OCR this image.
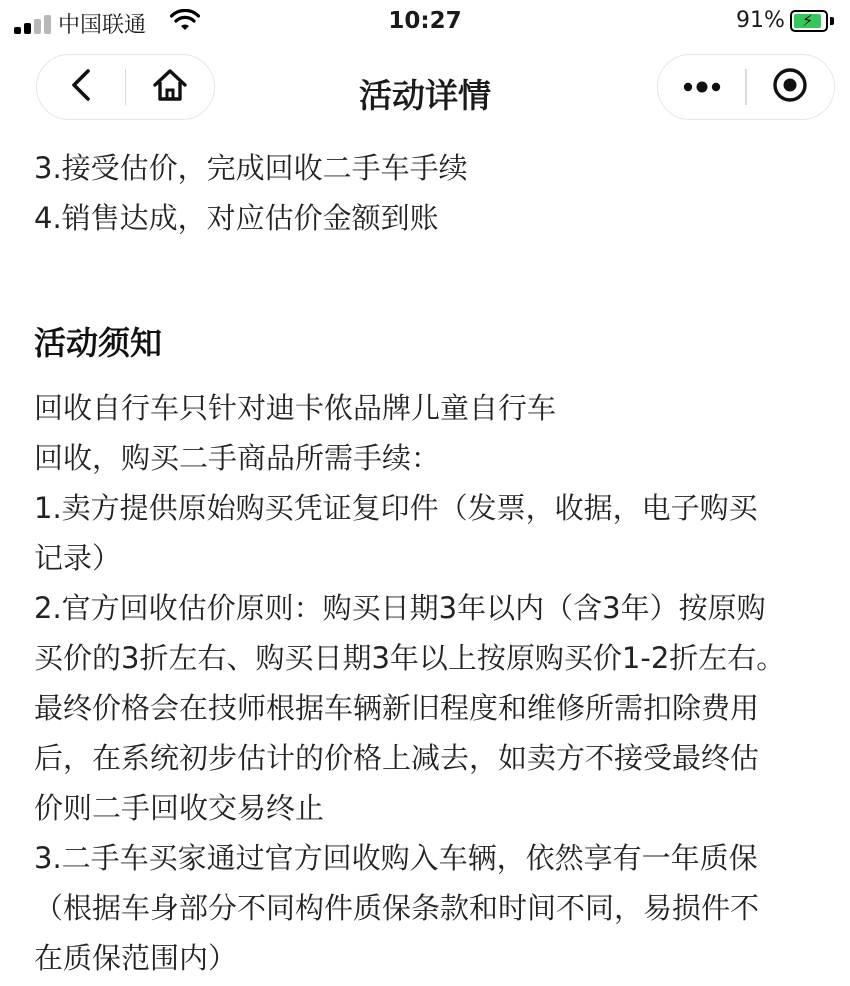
中国联通	10:27	91%	⚡
活动详情
3.接受估价，完成回收二手车手续
4.销售达成，对应估价金额到账
活动须知
回收自行车只针对迪卡侬品牌儿童自行车
回收，购买二手商品所需手续：
1.卖方提供原始购买凭证复印件（发票，收据，电子购买
记录）
2.官方回收估价原则：购买日期3年以内（含3年）按原购
买价的3折左右、购买日期3年以上按原购买价1-2折左右。
最终价格会在技师根据车辆新旧程度和维修所需扣除费用
后，在系统初步估计的价格上减去，如卖方不接受最终估
价则二手回收交易终止
3.二手车买家通过官方回收购入车辆，依然享有一年质保
（根据车身部分不同构件质保条款和时间不同，易损件不
在质保范围内）
